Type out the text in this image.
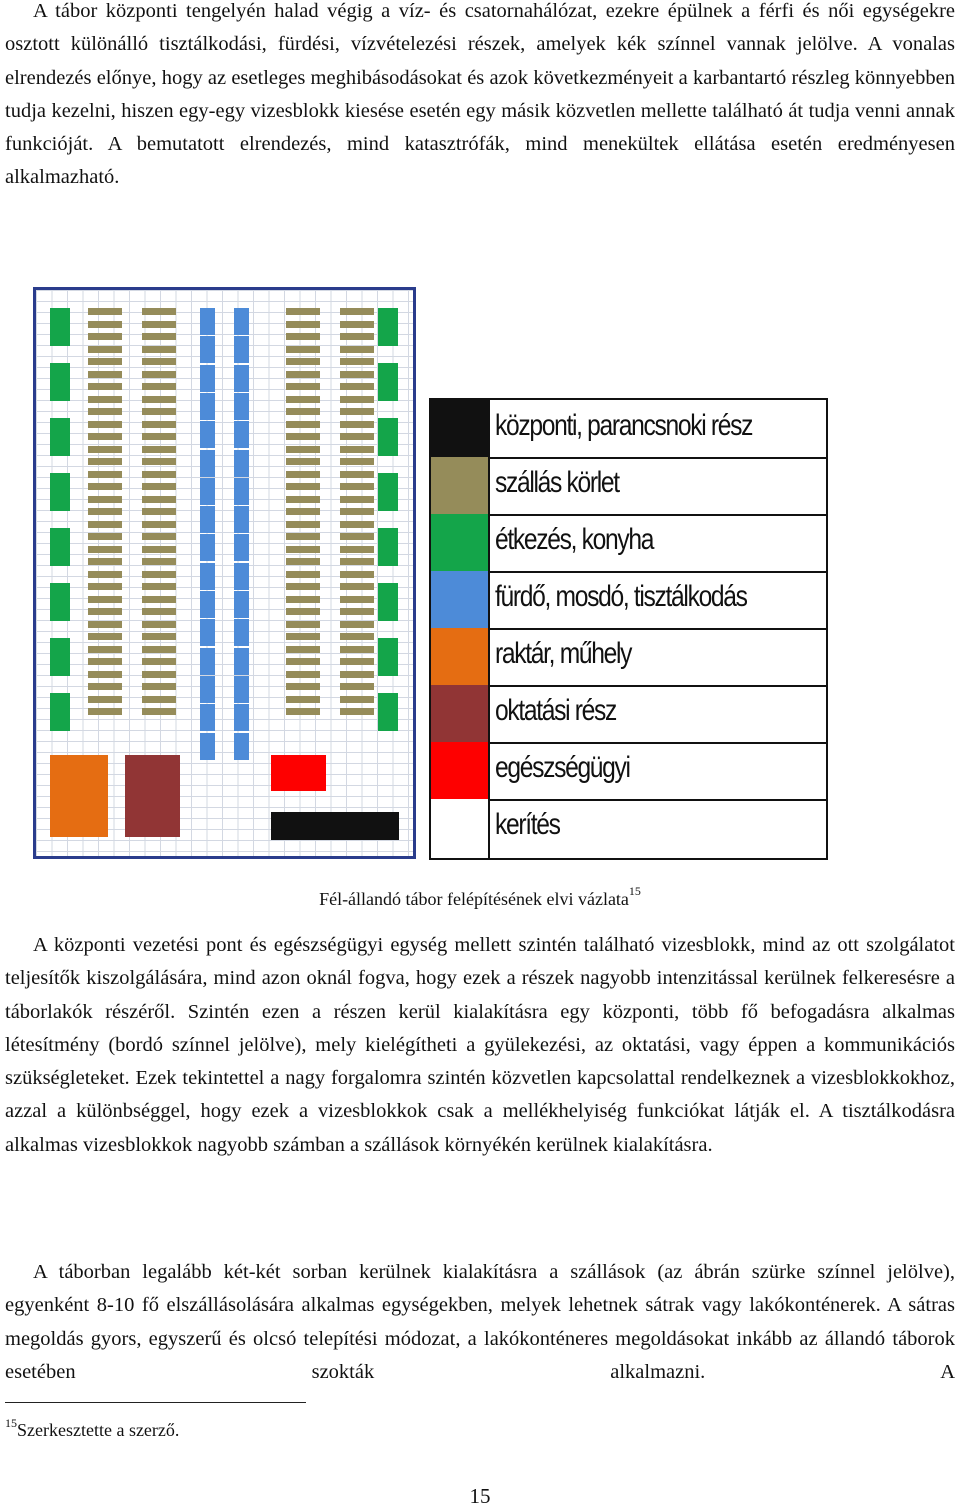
A tábor központi tengelyén halad végig a víz- és csatornahálózat, ezekre épülnek a férfi és női egységekre osztott különálló tisztálkodási, fürdési, vízvételezési részek, amelyek kék színnel vannak jelölve. A vonalas elrendezés előnye, hogy az esetleges meghibásodásokat és azok következményeit a karbantartó részleg könnyebben tudja kezelni, hiszen egy-egy vizesblokk kiesése esetén egy másik közvetlen mellette található át tudja venni annak funkcióját. A bemutatott elrendezés, mind katasztrófák, mind menekültek ellátása esetén eredményesen alkalmazható.

központi, parancsnoki rész
szállás körlet
étkezés, konyha
fürdő, mosdó, tisztálkodás
raktár, műhely
oktatási rész
egészségügyi
kerítés

Fél-állandó tábor felépítésének elvi vázlata$^{15}$

A központi vezetési pont és egészségügyi egység mellett szintén található vizesblokk, mind az ott szolgálatot teljesítők kiszolgálására, mind azon oknál fogva, hogy ezek a részek nagyobb intenzitással kerülnek felkeresésre a táborlakók részéről. Szintén ezen a részen kerül kialakításra egy központi, több fő befogadásra alkalmas létesítmény (bordó színnel jelölve), mely kielégítheti a gyülekezési, az oktatási, vagy éppen a kommunikációs szükségleteket. Ezek tekintettel a nagy forgalomra szintén közvetlen kapcsolattal rendelkeznek a vizesblokkokhoz, azzal a különbséggel, hogy ezek a vizesblokkok csak a mellékhelyiség funkciókat látják el. A tisztálkodásra alkalmas vizesblokkok nagyobb számban a szállások környékén kerülnek kialakításra.

A táborban legalább két-két sorban kerülnek kialakításra a szállások (az ábrán szürke színnel jelölve), egyenként 8-10 fő elszállásolására alkalmas egységekben, melyek lehetnek sátrak vagy lakókonténerek. A sátras megoldás gyors, egyszerű és olcsó telepítési módozat, a lakókonténeres megoldásokat inkább az állandó táborok esetében szokták alkalmazni. A

$^{15}$Szerkesztette a szerző.

15
